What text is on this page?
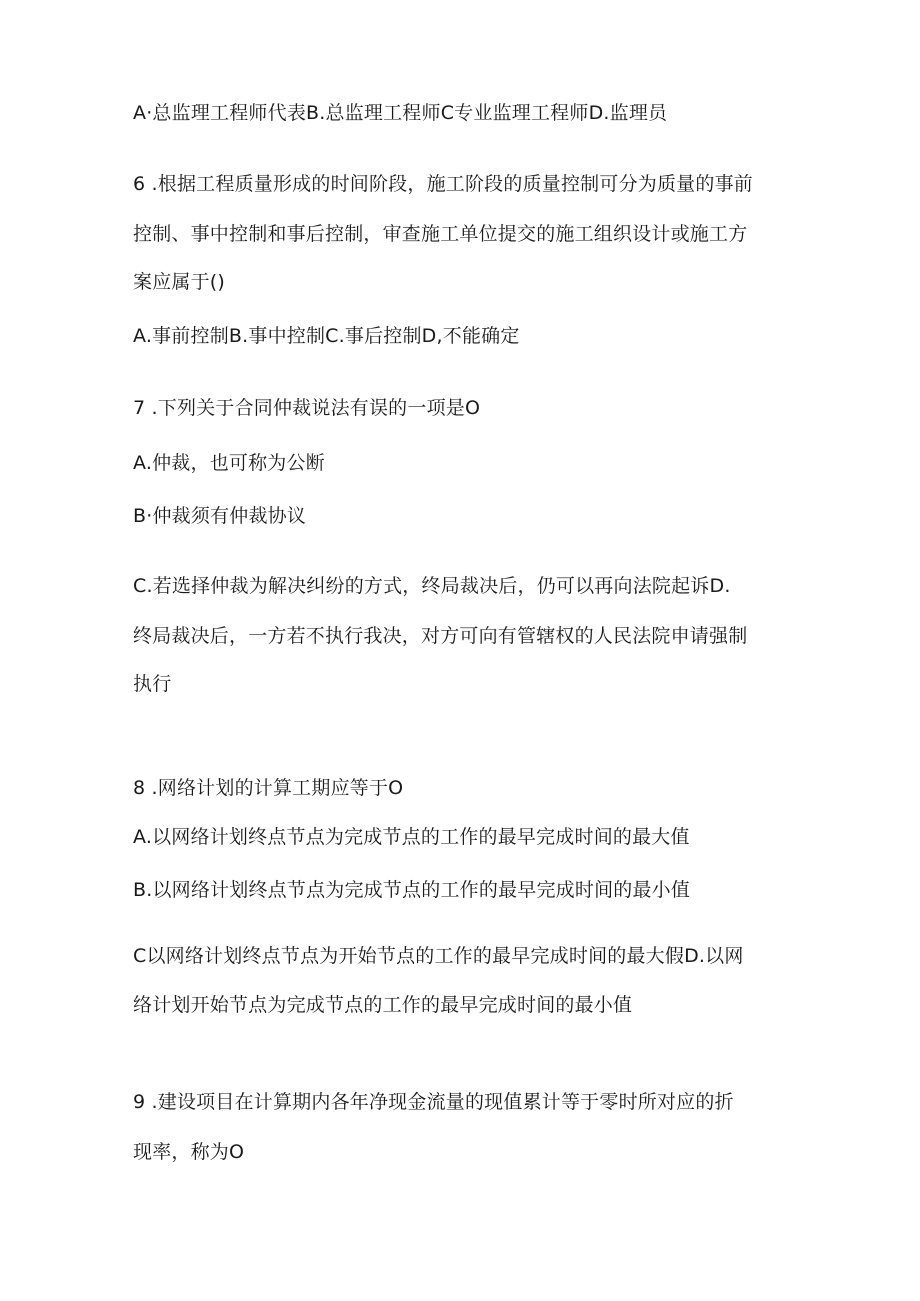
A·总监理工程师代表B.总监理工程师C专业监理工程师D.监理员
6 .根据工程质量形成的时间阶段，施工阶段的质量控制可分为质量的事前
控制、事中控制和事后控制，审查施工单位提交的施工组织设计或施工方
案应属于()
A.事前控制B.事中控制C.事后控制D,不能确定
7 .下列关于合同仲裁说法有误的一项是O
A.仲裁，也可称为公断
B·仲裁须有仲裁协议
C.若选择仲裁为解决纠纷的方式，终局裁决后，仍可以再向法院起诉D.
终局裁决后，一方若不执行我决，对方可向有管辖权的人民法院申请强制
执行
8 .网络计划的计算工期应等于O
A.以网络计划终点节点为完成节点的工作的最早完成时间的最大值
B.以网络计划终点节点为完成节点的工作的最早完成时间的最小值
C以网络计划终点节点为开始节点的工作的最早完成时间的最大假D.以网
络计划开始节点为完成节点的工作的最早完成时间的最小值
9 .建设项目在计算期内各年净现金流量的现值累计等于零时所对应的折
现率，称为O
